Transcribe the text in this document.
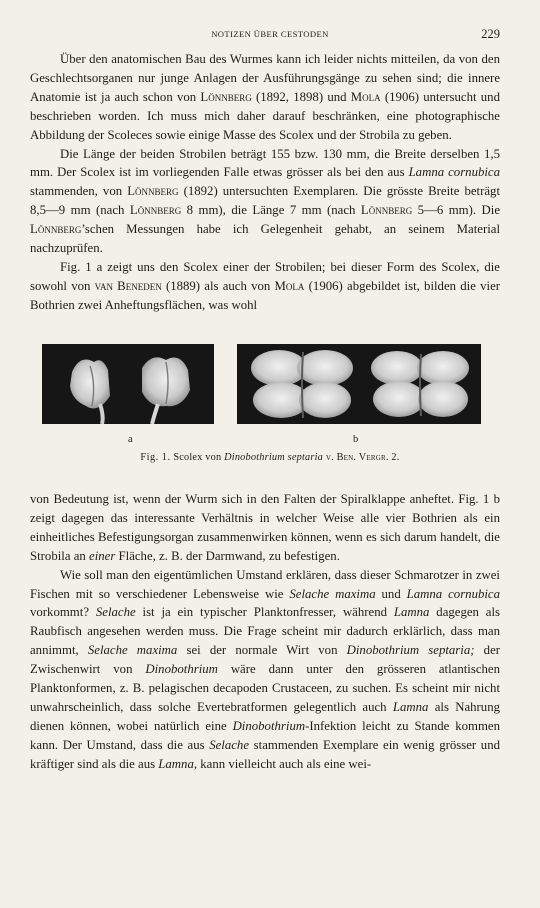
NOTIZEN ÜBER CESTODEN	229

Über den anatomischen Bau des Wurmes kann ich leider nichts mitteilen, da von den Geschlechtsorganen nur junge Anlagen der Ausführungsgänge zu sehen sind; die innere Anatomie ist ja auch schon von Lönnberg (1892, 1898) und Mola (1906) untersucht und beschrieben worden. Ich muss mich daher darauf beschränken, eine photographische Abbildung der Scoleces sowie einige Masse des Scolex und der Strobila zu geben.

Die Länge der beiden Strobilen beträgt 155 bzw. 130 mm, die Breite derselben 1,5 mm. Der Scolex ist im vorliegenden Falle etwas grösser als bei den aus Lamna cornubica stammenden, von Lönnberg (1892) untersuchten Exemplaren. Die grösste Breite beträgt 8,5—9 mm (nach Lönnberg 8 mm), die Länge 7 mm (nach Lönnberg 5—6 mm). Die Lönnberg’schen Messungen habe ich Gelegenheit gehabt, an seinem Material nachzuprüfen.

Fig. 1 a zeigt uns den Scolex einer der Strobilen; bei dieser Form des Scolex, die sowohl von van Beneden (1889) als auch von Mola (1906) abgebildet ist, bilden die vier Bothrien zwei Anheftungsflächen, was wohl

a	b
Fig. 1. Scolex von Dinobothrium septaria v. Ben. Vergr. 2.

von Bedeutung ist, wenn der Wurm sich in den Falten der Spiralklappe anheftet. Fig. 1 b zeigt dagegen das interessante Verhältnis in welcher Weise alle vier Bothrien als ein einheitliches Befestigungsorgan zusammenwirken können, wenn es sich darum handelt, die Strobila an einer Fläche, z. B. der Darmwand, zu befestigen.

Wie soll man den eigentümlichen Umstand erklären, dass dieser Schmarotzer in zwei Fischen mit so verschiedener Lebensweise wie Selache maxima und Lamna cornubica vorkommt? Selache ist ja ein typischer Planktonfresser, während Lamna dagegen als Raubfisch angesehen werden muss. Die Frage scheint mir dadurch erklärlich, dass man annimmt, Selache maxima sei der normale Wirt von Dinobothrium septaria; der Zwischenwirt von Dinobothrium wäre dann unter den grösseren atlantischen Planktonformen, z. B. pelagischen decapoden Crustaceen, zu suchen. Es scheint mir nicht unwahrscheinlich, dass solche Evertebratformen gelegentlich auch Lamna als Nahrung dienen können, wobei natürlich eine Dinobothrium-Infektion leicht zu Stande kommen kann. Der Umstand, dass die aus Selache stammenden Exemplare ein wenig grösser und kräftiger sind als die aus Lamna, kann vielleicht auch als eine wei-
